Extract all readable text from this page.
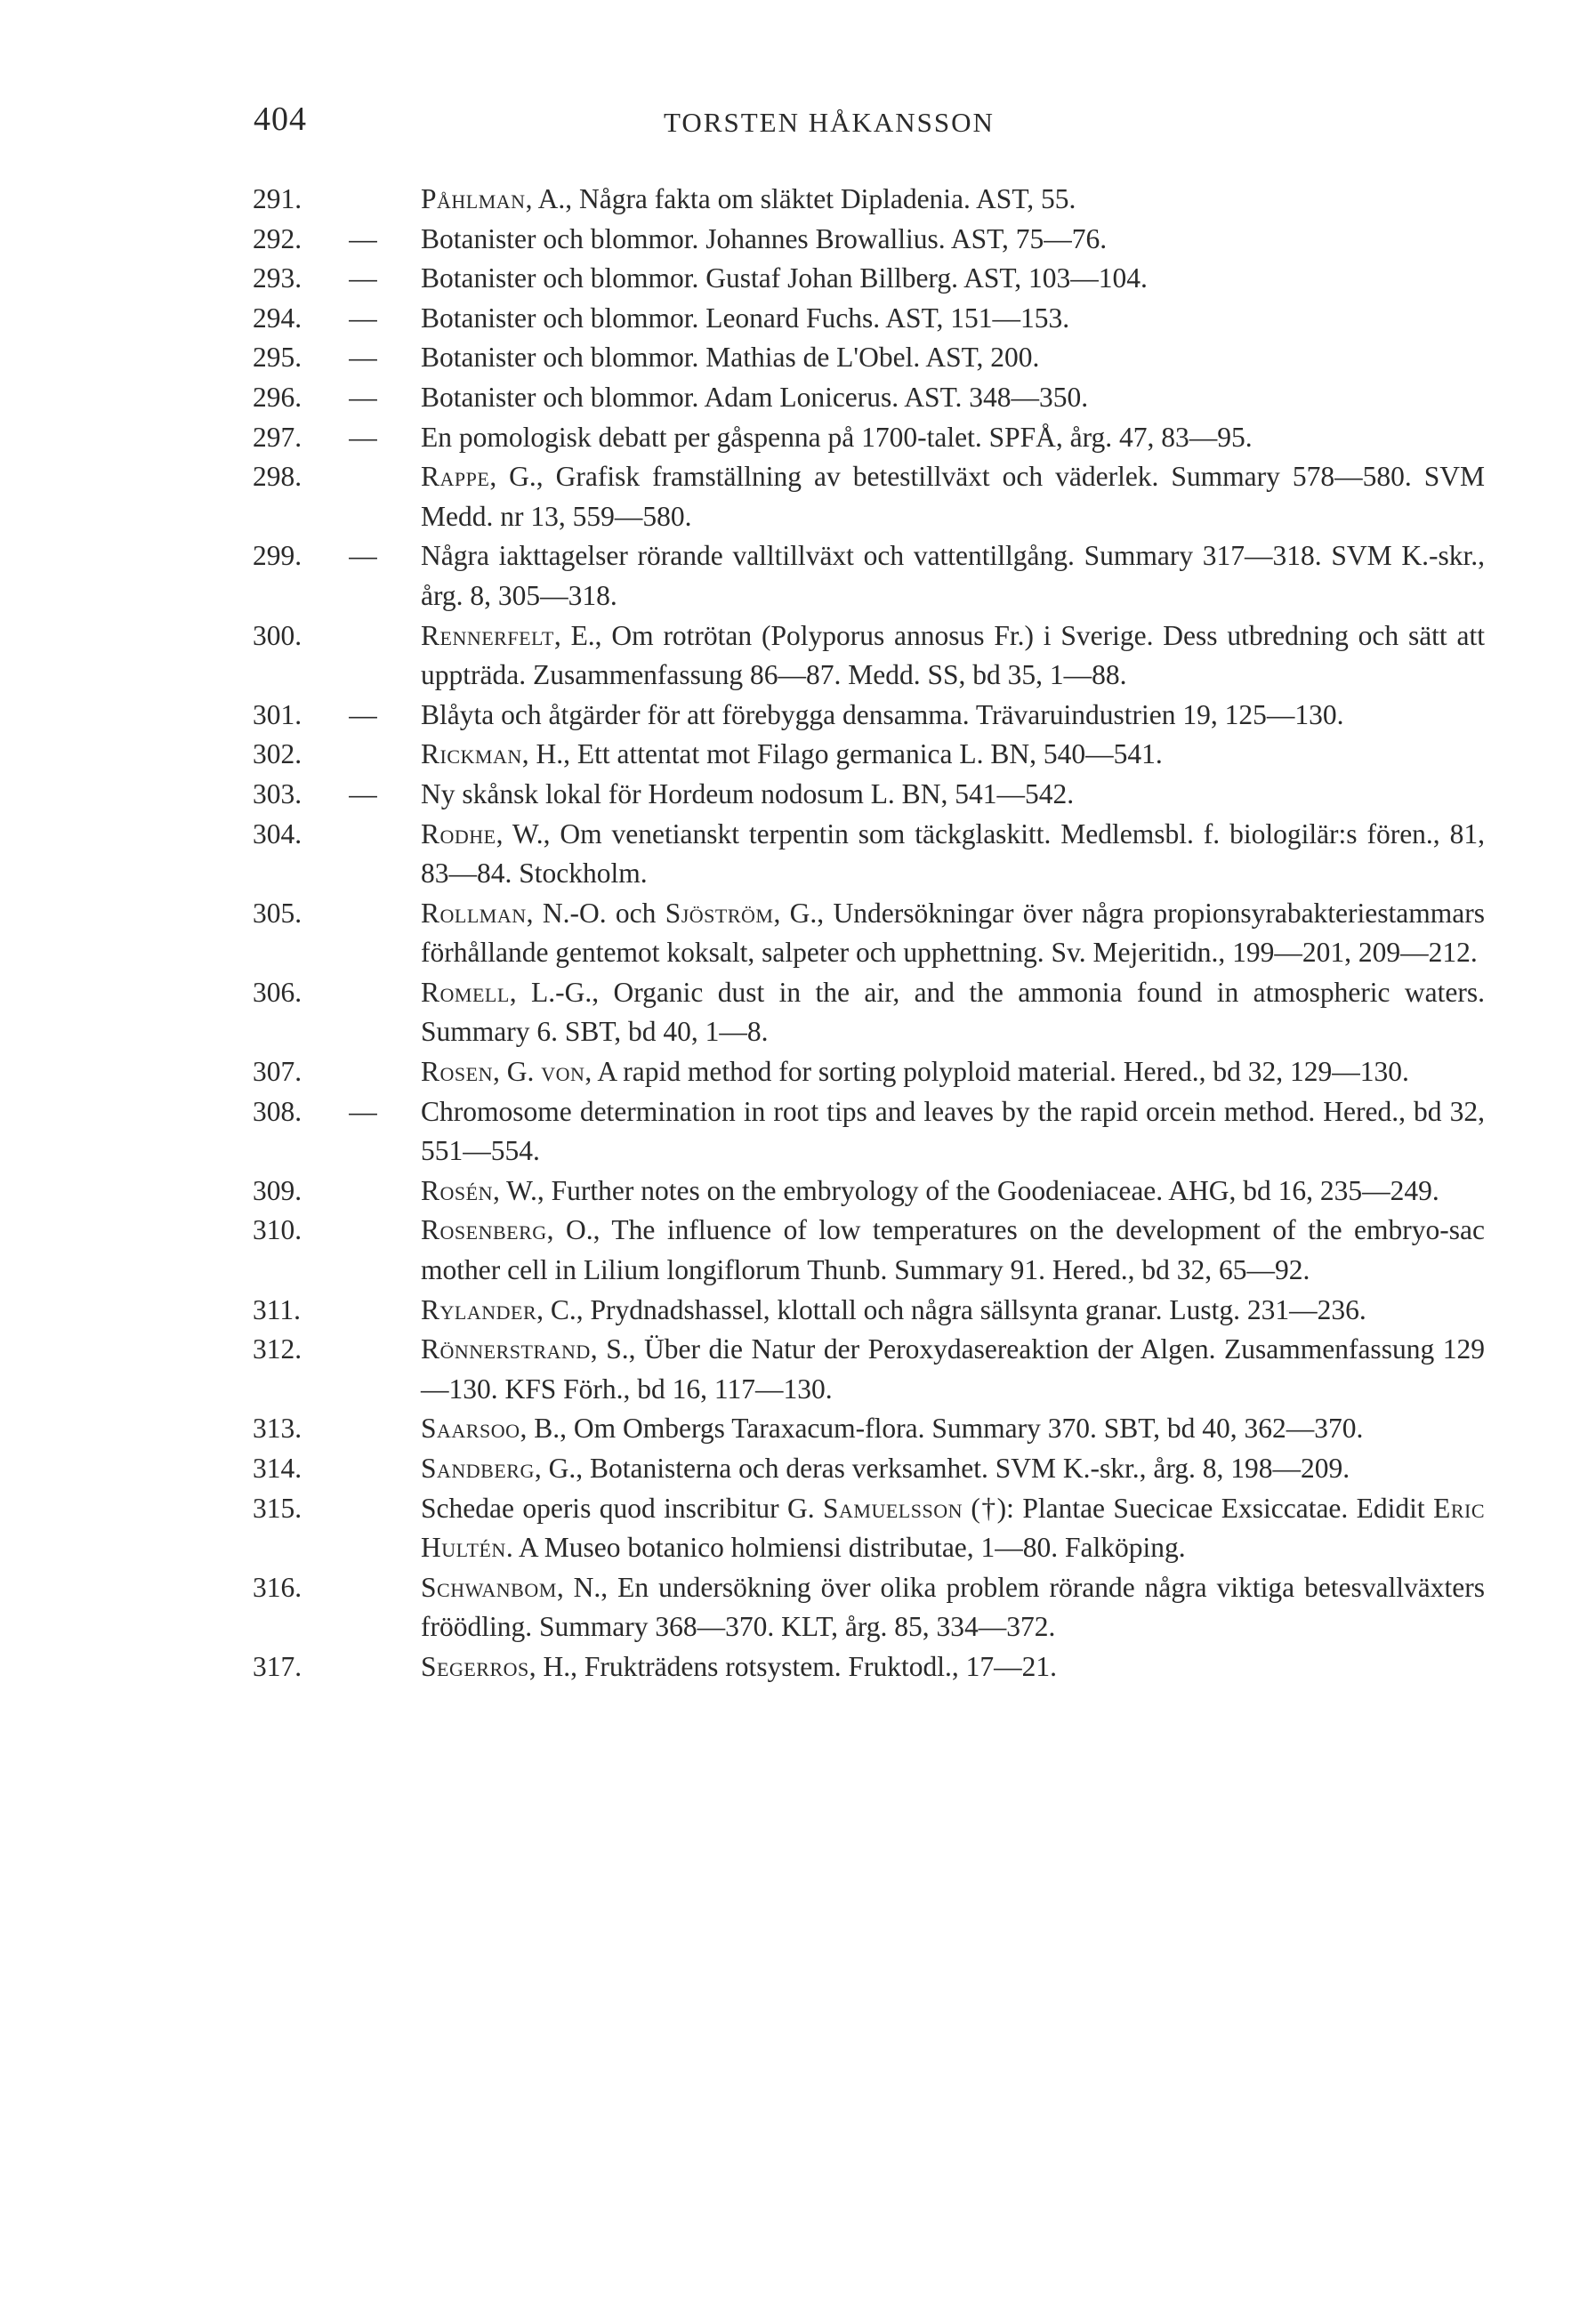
404	TORSTEN HÅKANSSON
291.	Påhlman, A., Några fakta om släktet Dipladenia. AST, 55.
292.	— Botanister och blommor. Johannes Browallius. AST, 75—76.
293.	— Botanister och blommor. Gustaf Johan Billberg. AST, 103—104.
294.	— Botanister och blommor. Leonard Fuchs. AST, 151—153.
295.	— Botanister och blommor. Mathias de L'Obel. AST, 200.
296.	— Botanister och blommor. Adam Lonicerus. AST. 348—350.
297.	— En pomologisk debatt per gåspenna på 1700-talet. SPFÅ, årg. 47, 83—95.
298.	Rappe, G., Grafisk framställning av betestillväxt och väderlek. Summary 578—580. SVM Medd. nr 13, 559—580.
299.	— Några iakttagelser rörande valltillväxt och vattentillgång. Summary 317—318. SVM K.-skr., årg. 8, 305—318.
300.	Rennerfelt, E., Om rotrötan (Polyporus annosus Fr.) i Sverige. Dess utbredning och sätt att uppträda. Zusammenfassung 86—87. Medd. SS, bd 35, 1—88.
301.	— Blåyta och åtgärder för att förebygga densamma. Trävaruindustrien 19, 125—130.
302.	Rickman, H., Ett attentat mot Filago germanica L. BN, 540—541.
303.	— Ny skånsk lokal för Hordeum nodosum L. BN, 541—542.
304.	Rodhe, W., Om venetianskt terpentin som täckglaskitt. Medlemsbl. f. biologilär:s fören., 81, 83—84. Stockholm.
305.	Rollman, N.-O. och Sjöström, G., Undersökningar över några propionsyrabakteriestammars förhållande gentemot koksalt, salpeter och upphettning. Sv. Mejeritidn., 199—201, 209—212.
306.	Romell, L.-G., Organic dust in the air, and the ammonia found in atmospheric waters. Summary 6. SBT, bd 40, 1—8.
307.	Rosen, G. von, A rapid method for sorting polyploid material. Hered., bd 32, 129—130.
308.	— Chromosome determination in root tips and leaves by the rapid orcein method. Hered., bd 32, 551—554.
309.	Rosén, W., Further notes on the embryology of the Goodeniaceae. AHG, bd 16, 235—249.
310.	Rosenberg, O., The influence of low temperatures on the development of the embryo-sac mother cell in Lilium longiflorum Thunb. Summary 91. Hered., bd 32, 65—92.
311.	Rylander, C., Prydnadshassel, klottall och några sällsynta granar. Lustg. 231—236.
312.	Rönnerstrand, S., Über die Natur der Peroxydasereaktion der Algen. Zusammenfassung 129—130. KFS Förh., bd 16, 117—130.
313.	Saarsoo, B., Om Ombergs Taraxacum-flora. Summary 370. SBT, bd 40, 362—370.
314.	Sandberg, G., Botanisterna och deras verksamhet. SVM K.-skr., årg. 8, 198—209.
315.	Schedae operis quod inscribitur G. Samuelsson (†): Plantae Suecicae Exsiccatae. Edidit Eric Hultén. A Museo botanico holmiensi distributae, 1—80. Falköping.
316.	Schwanbom, N., En undersökning över olika problem rörande några viktiga betesvallväxters fröödling. Summary 368—370. KLT, årg. 85, 334—372.
317.	Segerros, H., Frukträdens rotsystem. Fruktodl., 17—21.
